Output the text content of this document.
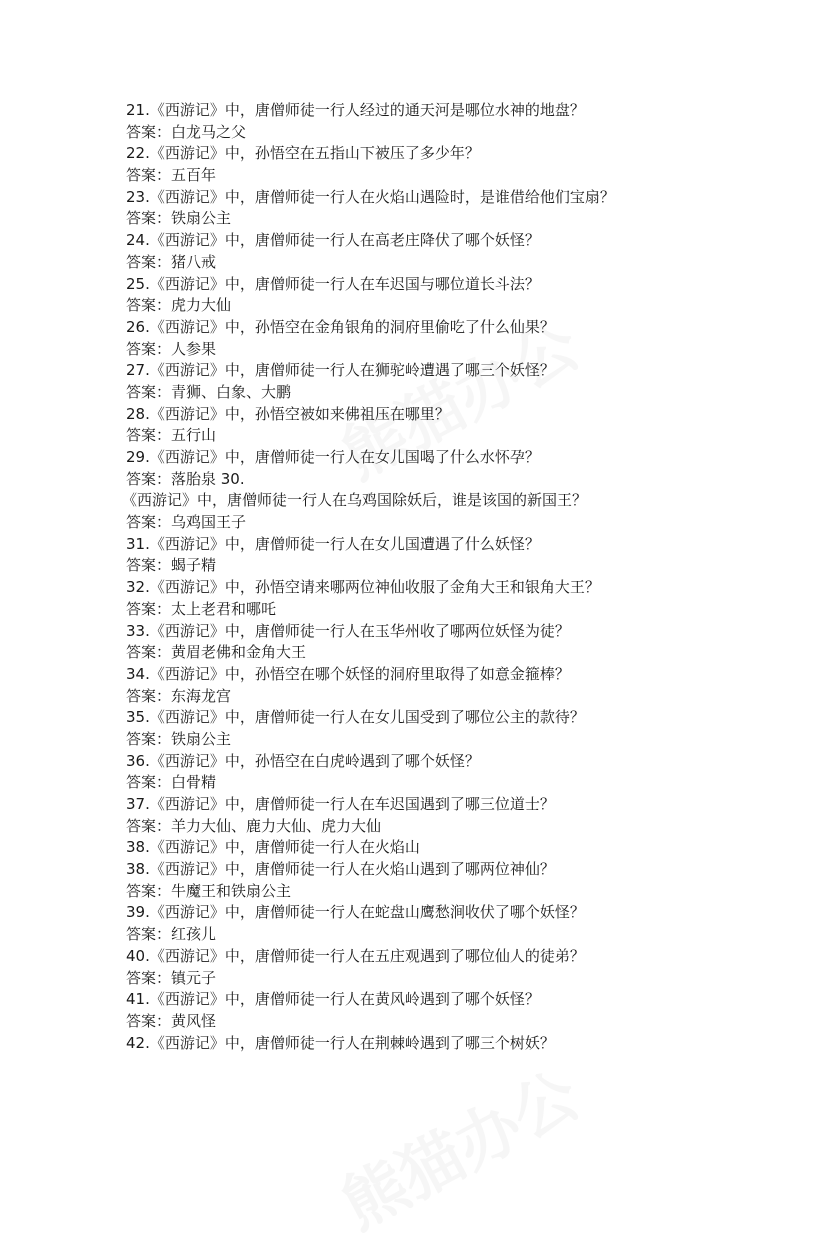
21.《西游记》中，唐僧师徒一行人经过的通天河是哪位水神的地盘？
答案：白龙马之父
22.《西游记》中，孙悟空在五指山下被压了多少年？
答案：五百年
23.《西游记》中，唐僧师徒一行人在火焰山遇险时，是谁借给他们宝扇？
答案：铁扇公主
24.《西游记》中，唐僧师徒一行人在高老庄降伏了哪个妖怪？
答案：猪八戒
25.《西游记》中，唐僧师徒一行人在车迟国与哪位道长斗法？
答案：虎力大仙
26.《西游记》中，孙悟空在金角银角的洞府里偷吃了什么仙果？
答案：人参果
27.《西游记》中，唐僧师徒一行人在狮驼岭遭遇了哪三个妖怪？
答案：青狮、白象、大鹏
28.《西游记》中，孙悟空被如来佛祖压在哪里？
答案：五行山
29.《西游记》中，唐僧师徒一行人在女儿国喝了什么水怀孕？
答案：落胎泉 30.
《西游记》中，唐僧师徒一行人在乌鸡国除妖后，谁是该国的新国王？
答案：乌鸡国王子
31.《西游记》中，唐僧师徒一行人在女儿国遭遇了什么妖怪？
答案：蝎子精
32.《西游记》中，孙悟空请来哪两位神仙收服了金角大王和银角大王？
答案：太上老君和哪吒
33.《西游记》中，唐僧师徒一行人在玉华州收了哪两位妖怪为徒？
答案：黄眉老佛和金角大王
34.《西游记》中，孙悟空在哪个妖怪的洞府里取得了如意金箍棒？
答案：东海龙宫
35.《西游记》中，唐僧师徒一行人在女儿国受到了哪位公主的款待？
答案：铁扇公主
36.《西游记》中，孙悟空在白虎岭遇到了哪个妖怪？
答案：白骨精
37.《西游记》中，唐僧师徒一行人在车迟国遇到了哪三位道士？
答案：羊力大仙、鹿力大仙、虎力大仙
38.《西游记》中，唐僧师徒一行人在火焰山
38.《西游记》中，唐僧师徒一行人在火焰山遇到了哪两位神仙？
答案：牛魔王和铁扇公主
39.《西游记》中，唐僧师徒一行人在蛇盘山鹰愁涧收伏了哪个妖怪？
答案：红孩儿
40.《西游记》中，唐僧师徒一行人在五庄观遇到了哪位仙人的徒弟？
答案：镇元子
41.《西游记》中，唐僧师徒一行人在黄风岭遇到了哪个妖怪？
答案：黄风怪
42.《西游记》中，唐僧师徒一行人在荆棘岭遇到了哪三个树妖？
